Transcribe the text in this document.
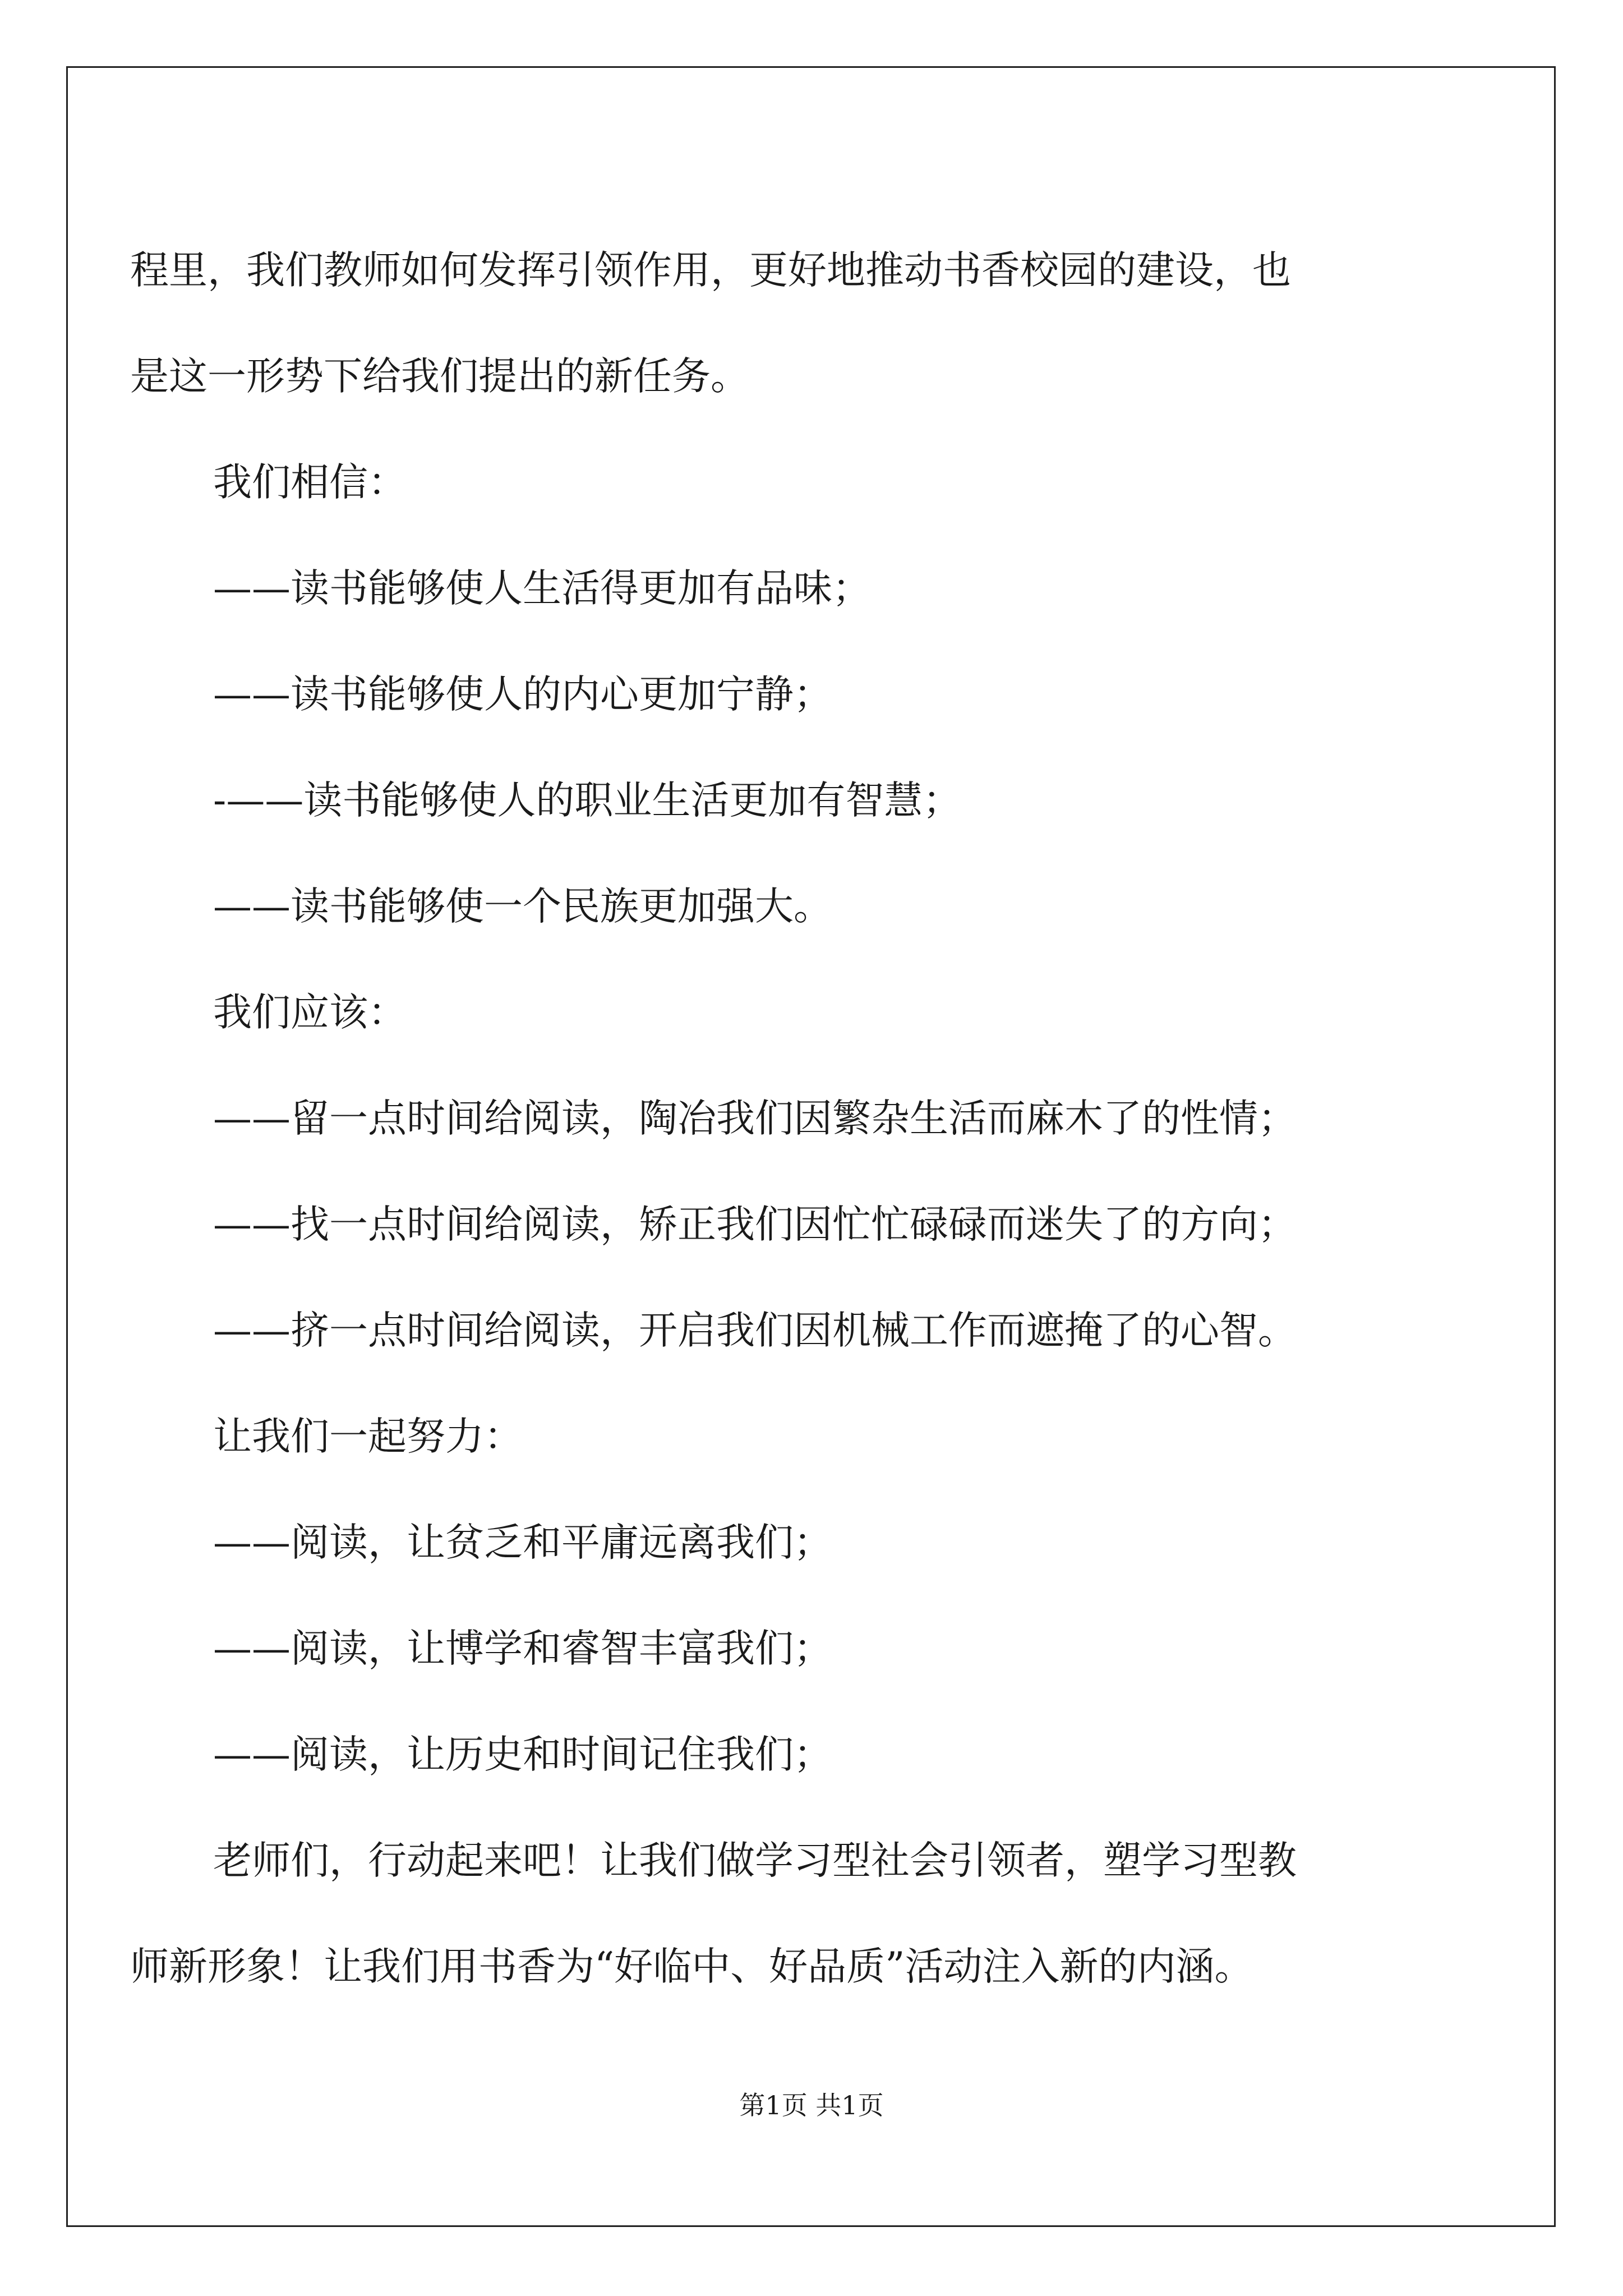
程里，我们教师如何发挥引领作用，更好地推动书香校园的建设，也

是这一形势下给我们提出的新任务。

我们相信：

——读书能够使人生活得更加有品味；

——读书能够使人的内心更加宁静；

-——读书能够使人的职业生活更加有智慧；

——读书能够使一个民族更加强大。

我们应该：

——留一点时间给阅读，陶冶我们因繁杂生活而麻木了的性情；

——找一点时间给阅读，矫正我们因忙忙碌碌而迷失了的方向；

——挤一点时间给阅读，开启我们因机械工作而遮掩了的心智。

让我们一起努力：

——阅读，让贫乏和平庸远离我们；

——阅读，让博学和睿智丰富我们；

——阅读，让历史和时间记住我们；

老师们，行动起来吧！让我们做学习型社会引领者，塑学习型教

师新形象！让我们用书香为“好临中、好品质”活动注入新的内涵。

第1页 共1页
